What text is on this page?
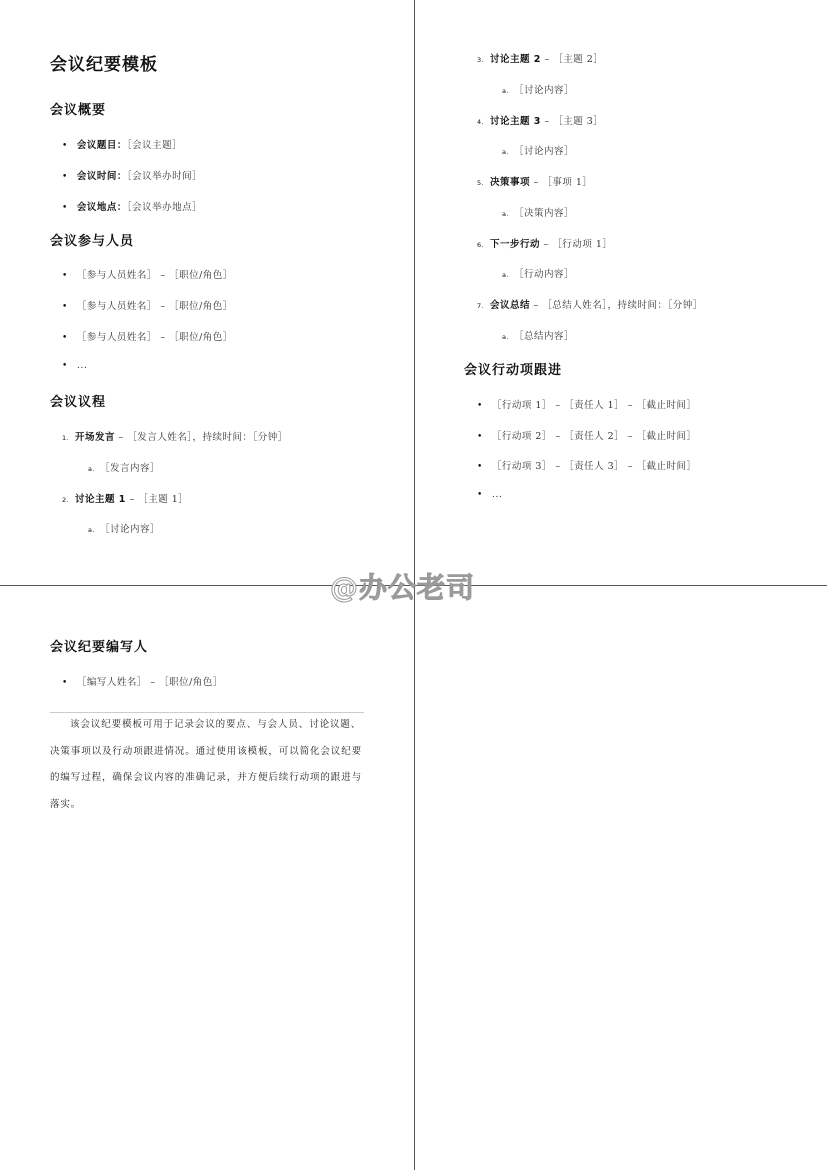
会议纪要模板
会议概要
• 会议题目：［会议主题］
• 会议时间：［会议举办时间］
• 会议地点：［会议举办地点］
会议参与人员
• ［参与人员姓名］ – ［职位/角色］
• ［参与人员姓名］ – ［职位/角色］
• ［参与人员姓名］ – ［职位/角色］
• ...
会议议程
1. 开场发言 – ［发言人姓名］，持续时间：［分钟］
a. ［发言内容］
2. 讨论主题 1 – ［主题 1］
a. ［讨论内容］
3. 讨论主题 2 – ［主题 2］
a. ［讨论内容］
4. 讨论主题 3 – ［主题 3］
a. ［讨论内容］
5. 决策事项 – ［事项 1］
a. ［决策内容］
6. 下一步行动 – ［行动项 1］
a. ［行动内容］
7. 会议总结 – ［总结人姓名］，持续时间：［分钟］
a. ［总结内容］
会议行动项跟进
• ［行动项 1］ – ［责任人 1］ – ［截止时间］
• ［行动项 2］ – ［责任人 2］ – ［截止时间］
• ［行动项 3］ – ［责任人 3］ – ［截止时间］
• ...
会议纪要编写人
• ［编写人姓名］ – ［职位/角色］

该会议纪要模板可用于记录会议的要点、与会人员、讨论议题、决策事项以及行动项跟进情况。通过使用该模板，可以简化会议纪要的编写过程，确保会议内容的准确记录，并方便后续行动项的跟进与落实。

@办公老司
